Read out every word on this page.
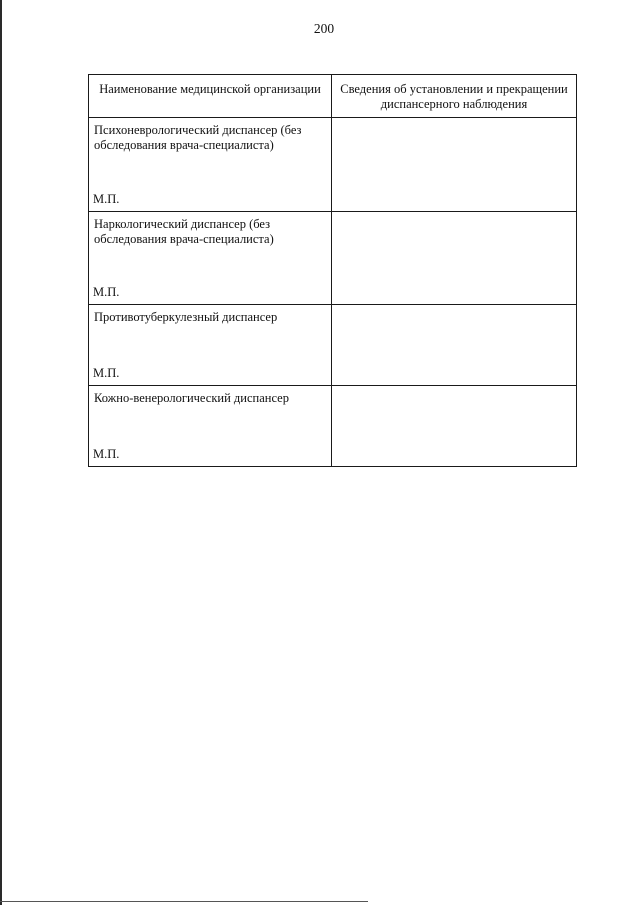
200
Наименование медицинской организации	Сведения об установлении и прекращении диспансерного наблюдения

Психоневрологический диспансер (без обследования врача-специалиста)
М.П.	

Наркологический диспансер (без обследования врача-специалиста)
М.П.	

Противотуберкулезный диспансер
М.П.	

Кожно-венерологический диспансер
М.П.	
